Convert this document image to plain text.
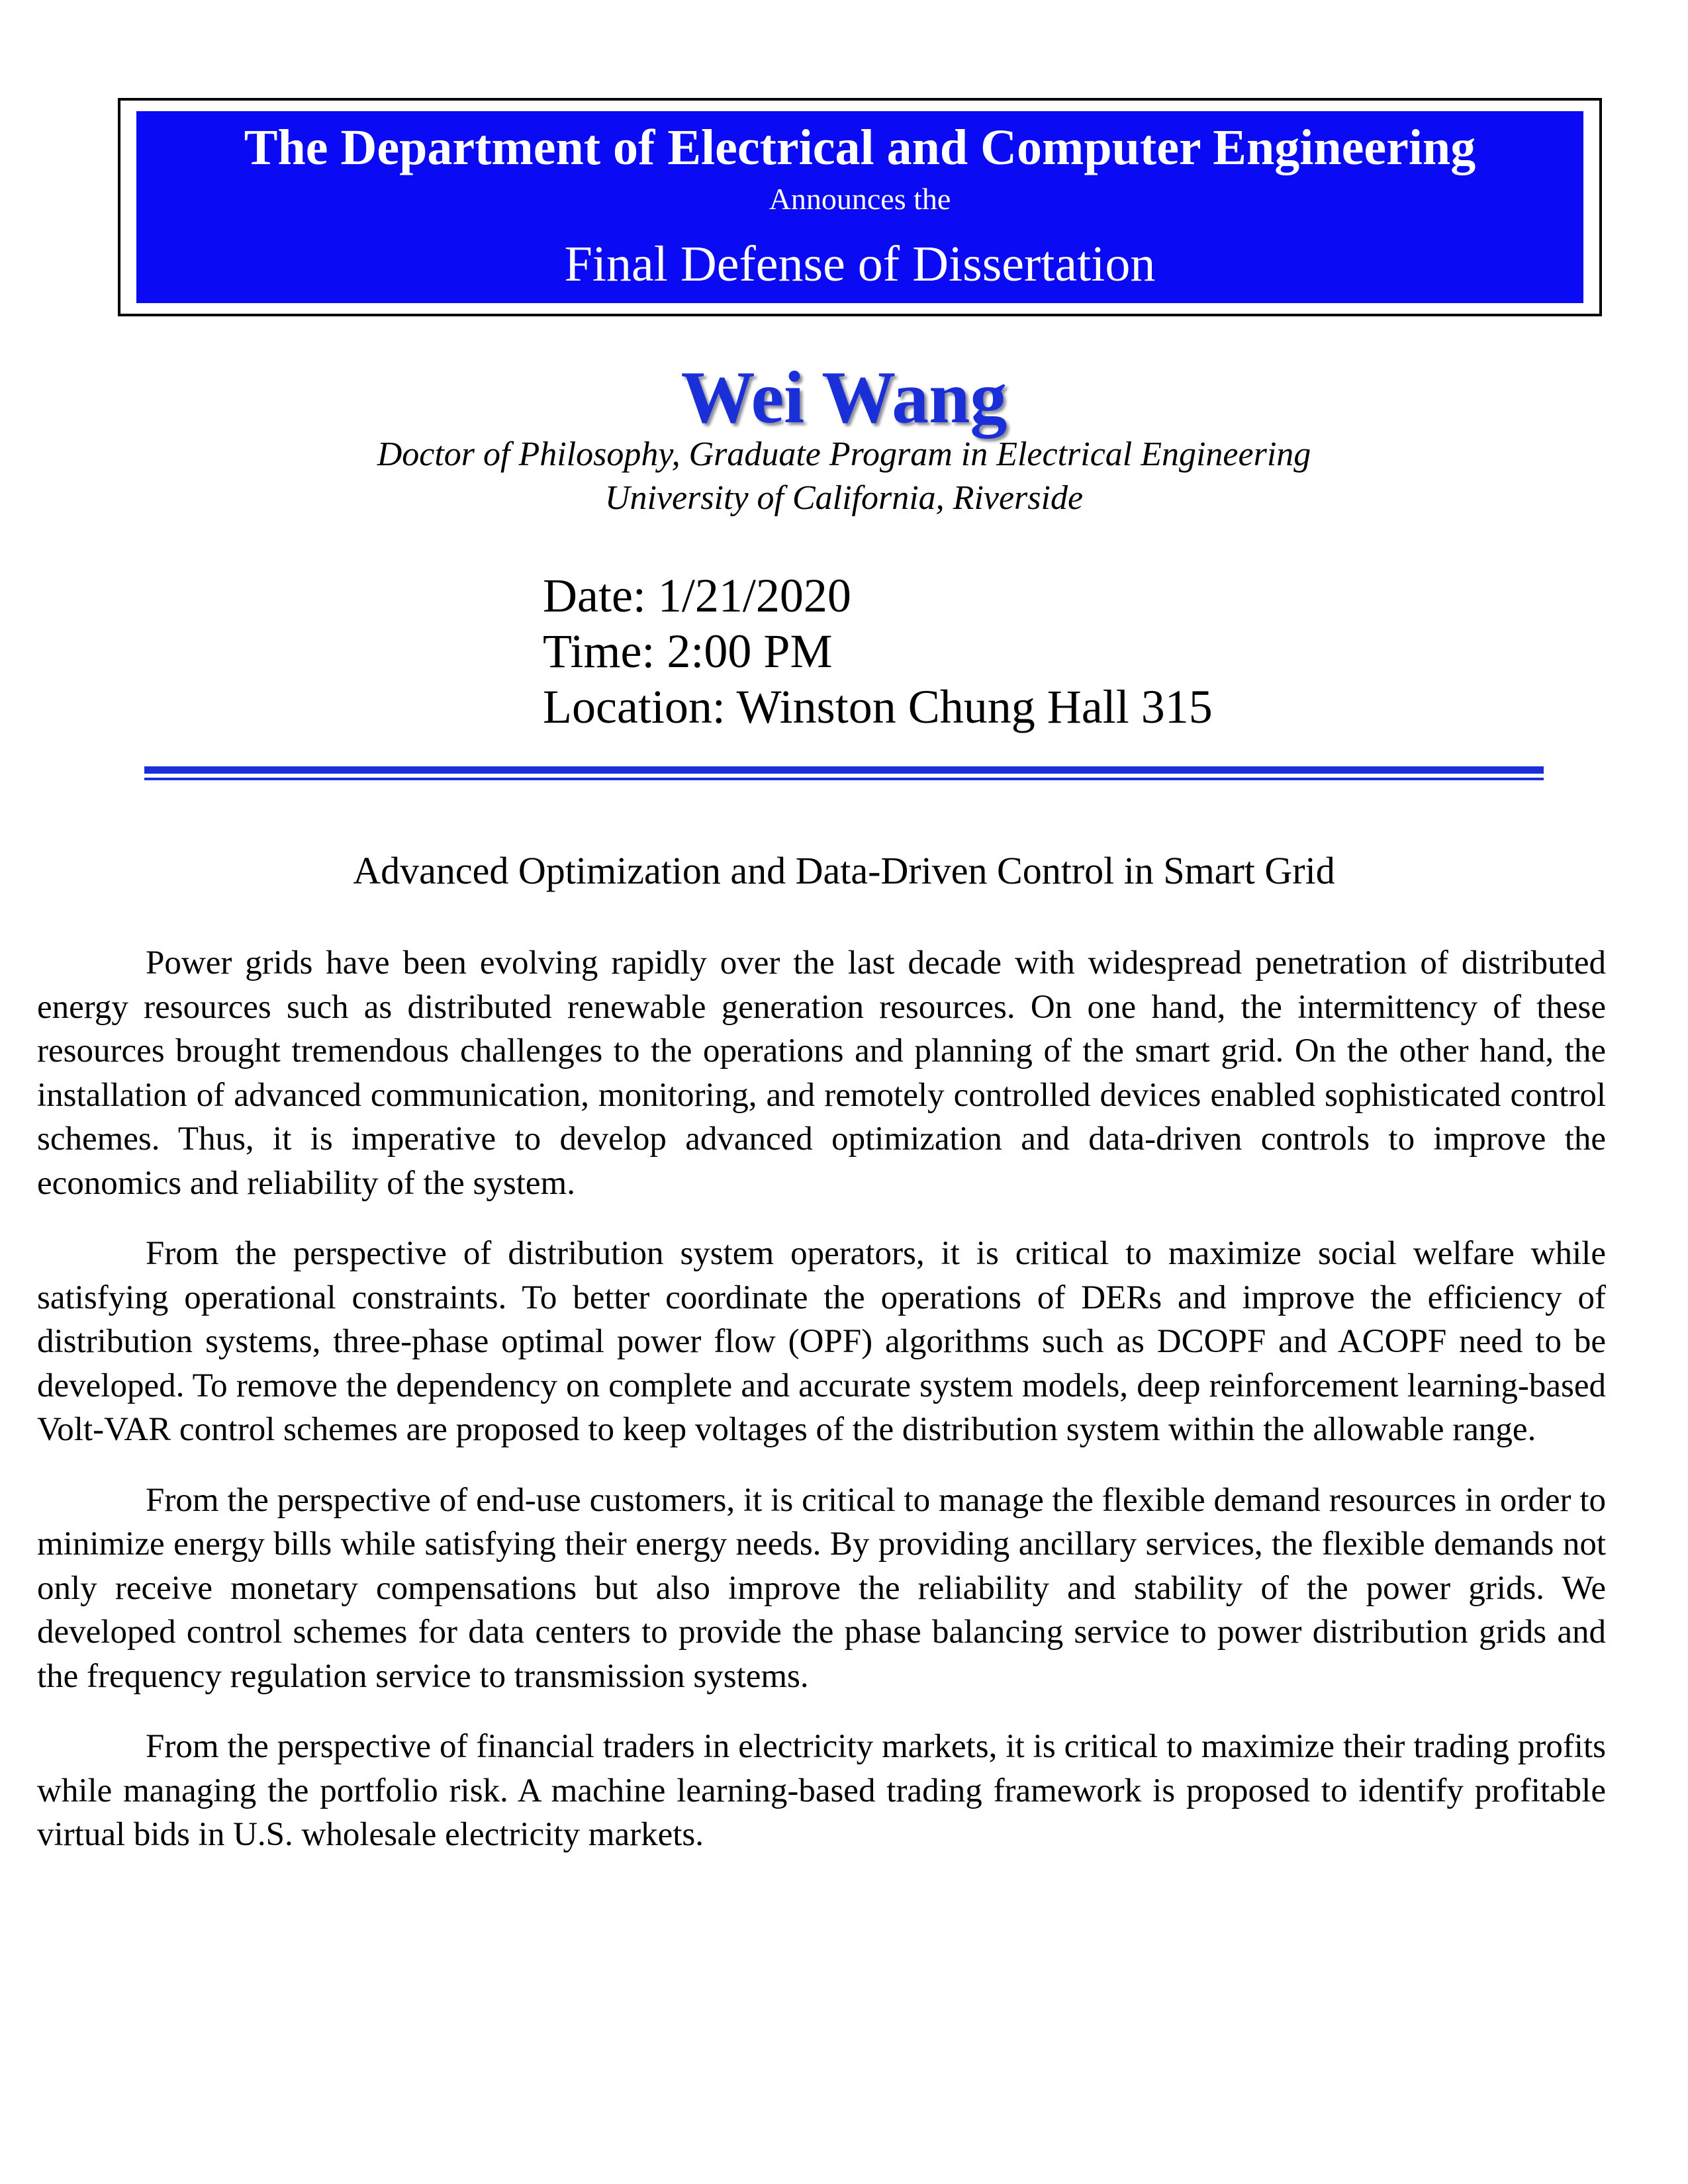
The Department of Electrical and Computer Engineering
Announces the
Final Defense of Dissertation
Wei Wang
Doctor of Philosophy, Graduate Program in Electrical Engineering
University of California, Riverside
Date: 1/21/2020
Time: 2:00 PM
Location: Winston Chung Hall 315
Advanced Optimization and Data-Driven Control in Smart Grid

Power grids have been evolving rapidly over the last decade with widespread penetration of distributed energy resources such as distributed renewable generation resources. On one hand, the intermittency of these resources brought tremendous challenges to the operations and planning of the smart grid. On the other hand, the installation of advanced communication, monitoring, and remotely controlled devices enabled sophisticated control schemes. Thus, it is imperative to develop advanced optimization and data-driven controls to improve the economics and reliability of the system.

From the perspective of distribution system operators, it is critical to maximize social welfare while satisfying operational constraints. To better coordinate the operations of DERs and improve the efficiency of distribution systems, three-phase optimal power flow (OPF) algorithms such as DCOPF and ACOPF need to be developed. To remove the dependency on complete and accurate system models, deep reinforcement learning-based Volt-VAR control schemes are proposed to keep voltages of the distribution system within the allowable range.

From the perspective of end-use customers, it is critical to manage the flexible demand resources in order to minimize energy bills while satisfying their energy needs. By providing ancillary services, the flexible demands not only receive monetary compensations but also improve the reliability and stability of the power grids. We developed control schemes for data centers to provide the phase balancing service to power distribution grids and the frequency regulation service to transmission systems.

From the perspective of financial traders in electricity markets, it is critical to maximize their trading profits while managing the portfolio risk. A machine learning-based trading framework is proposed to identify profitable virtual bids in U.S. wholesale electricity markets.
